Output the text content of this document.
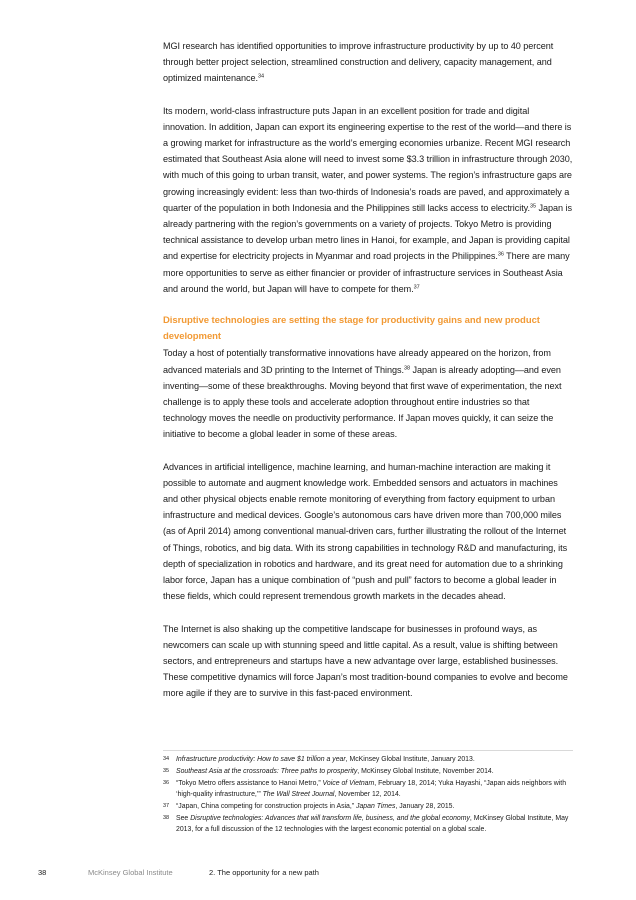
MGI research has identified opportunities to improve infrastructure productivity by up to 40 percent through better project selection, streamlined construction and delivery, capacity management, and optimized maintenance.$^{34}$

Its modern, world-class infrastructure puts Japan in an excellent position for trade and digital innovation. In addition, Japan can export its engineering expertise to the rest of the world—and there is a growing market for infrastructure as the world’s emerging economies urbanize. Recent MGI research estimated that Southeast Asia alone will need to invest some $3.3 trillion in infrastructure through 2030, with much of this going to urban transit, water, and power systems. The region’s infrastructure gaps are growing increasingly evident: less than two-thirds of Indonesia’s roads are paved, and approximately a quarter of the population in both Indonesia and the Philippines still lacks access to electricity.$^{35}$ Japan is already partnering with the region’s governments on a variety of projects. Tokyo Metro is providing technical assistance to develop urban metro lines in Hanoi, for example, and Japan is providing capital and expertise for electricity projects in Myanmar and road projects in the Philippines.$^{36}$ There are many more opportunities to serve as either financier or provider of infrastructure services in Southeast Asia and around the world, but Japan will have to compete for them.$^{37}$

Disruptive technologies are setting the stage for productivity gains and new product development

Today a host of potentially transformative innovations have already appeared on the horizon, from advanced materials and 3D printing to the Internet of Things.$^{38}$ Japan is already adopting—and even inventing—some of these breakthroughs. Moving beyond that first wave of experimentation, the next challenge is to apply these tools and accelerate adoption throughout entire industries so that technology moves the needle on productivity performance. If Japan moves quickly, it can seize the initiative to become a global leader in some of these areas.

Advances in artificial intelligence, machine learning, and human-machine interaction are making it possible to automate and augment knowledge work. Embedded sensors and actuators in machines and other physical objects enable remote monitoring of everything from factory equipment to urban infrastructure and medical devices. Google’s autonomous cars have driven more than 700,000 miles (as of April 2014) among conventional manual-driven cars, further illustrating the rollout of the Internet of Things, robotics, and big data. With its strong capabilities in technology R&D and manufacturing, its depth of specialization in robotics and hardware, and its great need for automation due to a shrinking labor force, Japan has a unique combination of “push and pull” factors to become a global leader in these fields, which could represent tremendous growth markets in the decades ahead.

The Internet is also shaking up the competitive landscape for businesses in profound ways, as newcomers can scale up with stunning speed and little capital. As a result, value is shifting between sectors, and entrepreneurs and startups have a new advantage over large, established businesses. These competitive dynamics will force Japan’s most tradition-bound companies to evolve and become more agile if they are to survive in this fast-paced environment.

34 Infrastructure productivity: How to save $1 trillion a year, McKinsey Global Institute, January 2013.
35 Southeast Asia at the crossroads: Three paths to prosperity, McKinsey Global Institute, November 2014.
36 “Tokyo Metro offers assistance to Hanoi Metro,” Voice of Vietnam, February 18, 2014; Yuka Hayashi, “Japan aids neighbors with ‘high-quality infrastructure,’” The Wall Street Journal, November 12, 2014.
37 “Japan, China competing for construction projects in Asia,” Japan Times, January 28, 2015.
38 See Disruptive technologies: Advances that will transform life, business, and the global economy, McKinsey Global Institute, May 2013, for a full discussion of the 12 technologies with the largest economic potential on a global scale.
38	McKinsey Global Institute	2. The opportunity for a new path
